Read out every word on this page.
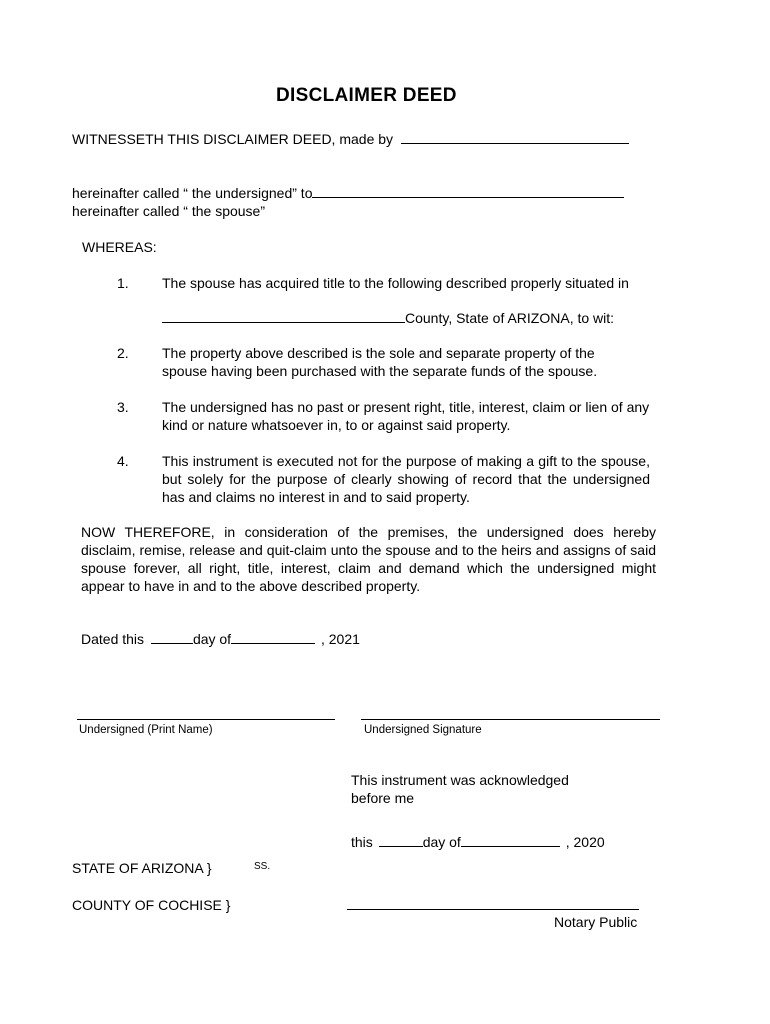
DISCLAIMER DEED
WITNESSETH THIS DISCLAIMER DEED, made by
hereinafter called “ the undersigned” to
hereinafter called “ the spouse”
WHEREAS:
1. The spouse has acquired title to the following described properly situated in
County, State of ARIZONA, to wit:
2. The property above described is the sole and separate property of the spouse having been purchased with the separate funds of the spouse.
3. The undersigned has no past or present right, title, interest, claim or lien of any kind or nature whatsoever in, to or against said property.
4. This instrument is executed not for the purpose of making a gift to the spouse, but solely for the purpose of clearly showing of record that the undersigned has and claims no interest in and to said property.
NOW THEREFORE, in consideration of the premises, the undersigned does hereby disclaim, remise, release and quit-claim unto the spouse and to the heirs and assigns of said spouse forever, all right, title, interest, claim and demand which the undersigned might appear to have in and to the above described property.
Dated this	day of	, 2021
Undersigned (Print Name)	Undersigned Signature
This instrument was acknowledged before me
this	day of	, 2020
STATE OF ARIZONA }	SS.
COUNTY OF COCHISE }
Notary Public
